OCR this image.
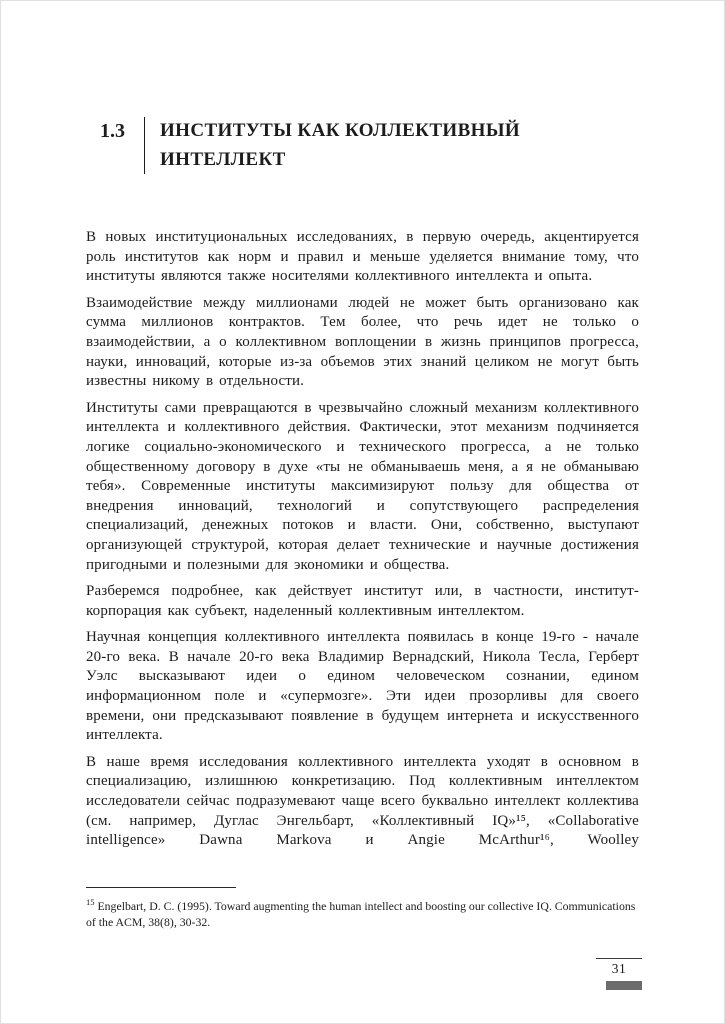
1.3	ИНСТИТУТЫ КАК КОЛЛЕКТИВНЫЙ ИНТЕЛЛЕКТ

В новых институциональных исследованиях, в первую очередь, акцентируется роль институтов как норм и правил и меньше уделяется внимание тому, что институты являются также носителями коллективного интеллекта и опыта.

Взаимодействие между миллионами людей не может быть организовано как сумма миллионов контрактов. Тем более, что речь идет не только о взаимодействии, а о коллективном воплощении в жизнь принципов прогресса, науки, инноваций, которые из-за объемов этих знаний целиком не могут быть известны никому в отдельности.

Институты сами превращаются в чрезвычайно сложный механизм коллективного интеллекта и коллективного действия. Фактически, этот механизм подчиняется логике социально-экономического и технического прогресса, а не только общественному договору в духе «ты не обманываешь меня, а я не обманываю тебя». Современные институты максимизируют пользу для общества от внедрения инноваций, технологий и сопутствующего распределения специализаций, денежных потоков и власти. Они, собственно, выступают организующей структурой, которая делает технические и научные достижения пригодными и полезными для экономики и общества.

Разберемся подробнее, как действует институт или, в частности, институт-корпорация как субъект, наделенный коллективным интеллектом.

Научная концепция коллективного интеллекта появилась в конце 19-го - начале 20-го века. В начале 20-го века Владимир Вернадский, Никола Тесла, Герберт Уэлс высказывают идеи о едином человеческом сознании, едином информационном поле и «супермозге». Эти идеи прозорливы для своего времени, они предсказывают появление в будущем интернета и искусственного интеллекта.

В наше время исследования коллективного интеллекта уходят в основном в специализацию, излишнюю конкретизацию. Под коллективным интеллектом исследователи сейчас подразумевают чаще всего буквально интеллект коллектива (см. например, Дуглас Энгельбарт, «Коллективный IQ»¹⁵, «Collaborative intelligence» Dawna Markova и Angie McArthur¹⁶, Woolley

$^{15}$ Engelbart, D. C. (1995). Toward augmenting the human intellect and boosting our collective IQ. Communications of the ACM, 38(8), 30-32.
31
